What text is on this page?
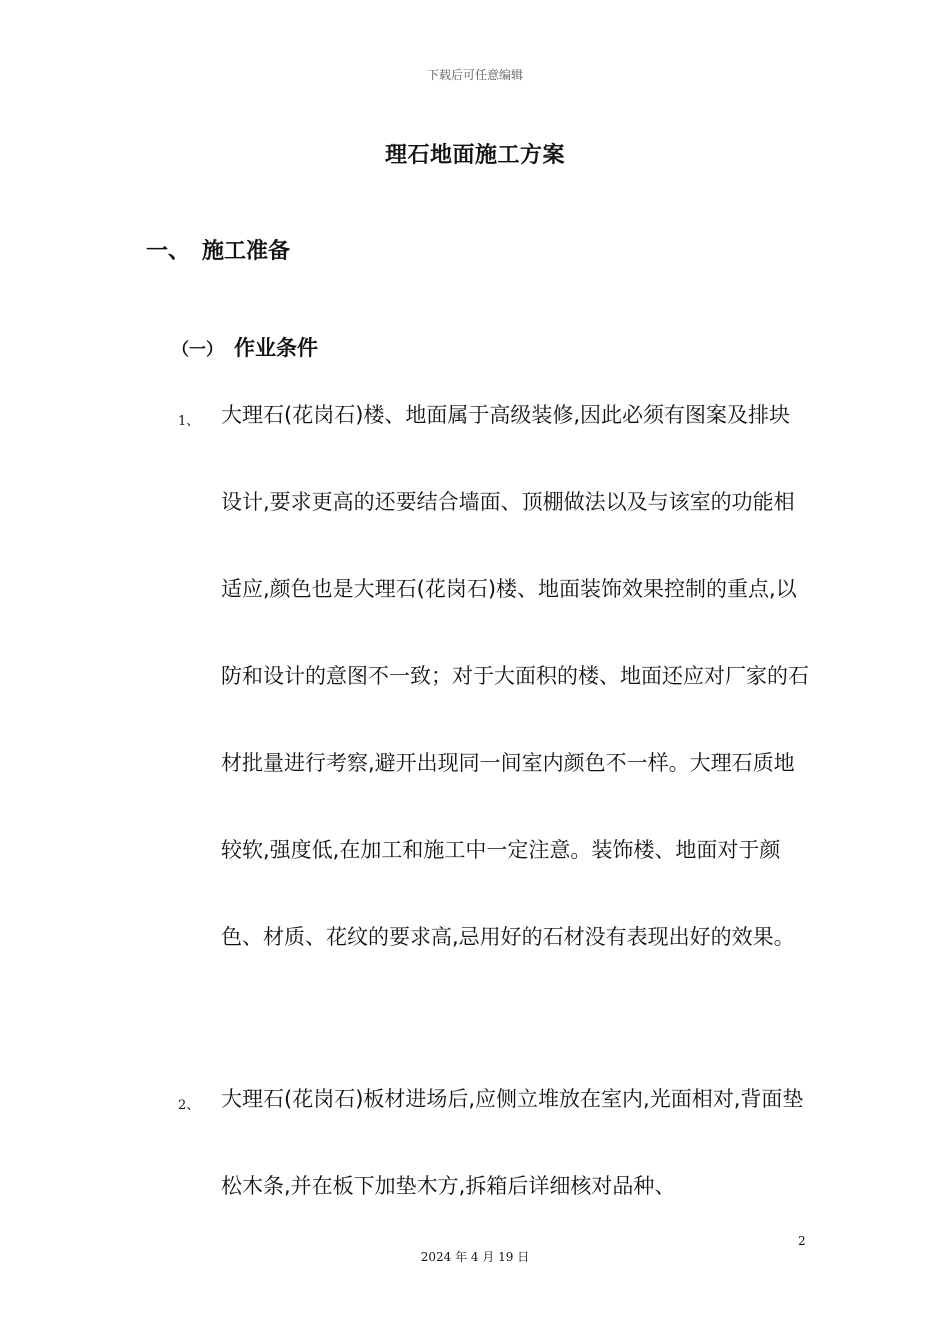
下载后可任意编辑
理石地面施工方案
一、 施工准备
（一） 作业条件
1、 大理石(花岗石)楼、地面属于高级装修,因此必须有图案及排块设计,要求更高的还要结合墙面、顶棚做法以及与该室的功能相适应,颜色也是大理石(花岗石)楼、地面装饰效果控制的重点,以防和设计的意图不一致；对于大面积的楼、地面还应对厂家的石材批量进行考察,避开出现同一间室内颜色不一样。大理石质地较软,强度低,在加工和施工中一定注意。装饰楼、地面对于颜色、材质、花纹的要求高,忌用好的石材没有表现出好的效果。
2、 大理石(花岗石)板材进场后,应侧立堆放在室内,光面相对,背面垫松木条,并在板下加垫木方,拆箱后详细核对品种、
2
2024 年 4 月 19 日
